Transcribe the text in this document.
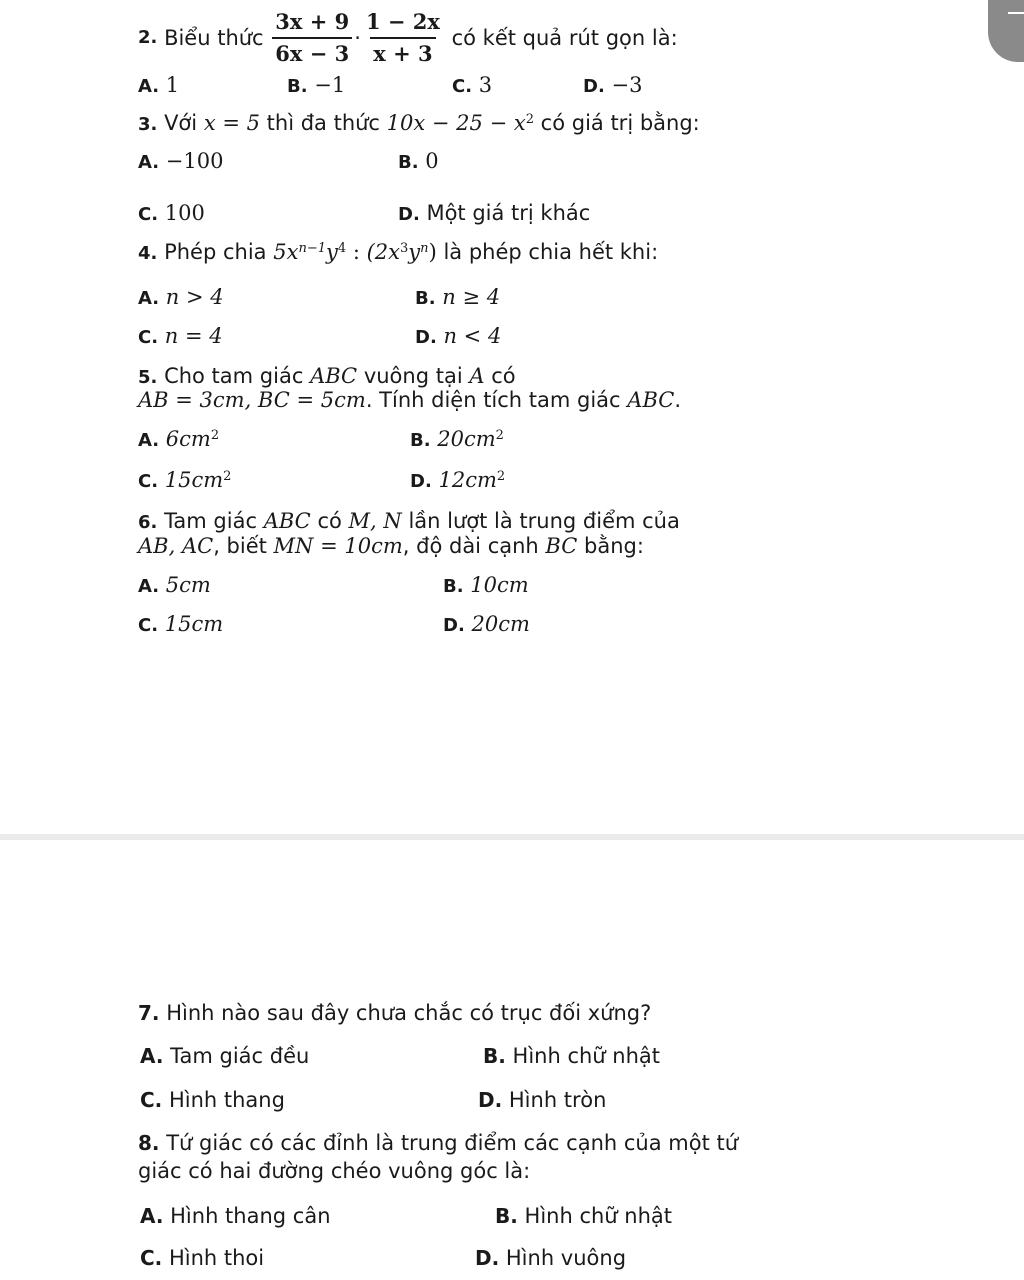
2.
Biểu thức
$\frac{3x + 9}{6x - 3} \cdot \frac{1 - 2x}{x + 3}$
có kết quả rút gọn là:
A. 1	B. −1	C. 3	D. −3
3. Với x = 5 thì đa thức $10x - 25 - x^2$ có giá trị bằng:
A. −100	B. 0
C. 100	D. Một giá trị khác
4. Phép chia $5x^{n-1}y^4$ : $(2x^3y^n)$ là phép chia hết khi:
A. n > 4	B. n ≥ 4
C. n = 4	D. n < 4
5. Cho tam giác ABC vuông tại A có
AB = 3cm, BC = 5cm. Tính diện tích tam giác ABC.
A. $6cm^2$	B. $20cm^2$
C. $15cm^2$	D. $12cm^2$
6. Tam giác ABC có M, N lần lượt là trung điểm của
AB, AC, biết MN = 10cm, độ dài cạnh BC bằng:
A. 5cm	B. 10cm
C. 15cm	D. 20cm
7. Hình nào sau đây chưa chắc có trục đối xứng?
A. Tam giác đều	B. Hình chữ nhật
C. Hình thang	D. Hình tròn
8. Tứ giác có các đỉnh là trung điểm các cạnh của một tứ
giác có hai đường chéo vuông góc là:
A. Hình thang cân	B. Hình chữ nhật
C. Hình thoi	D. Hình vuông
